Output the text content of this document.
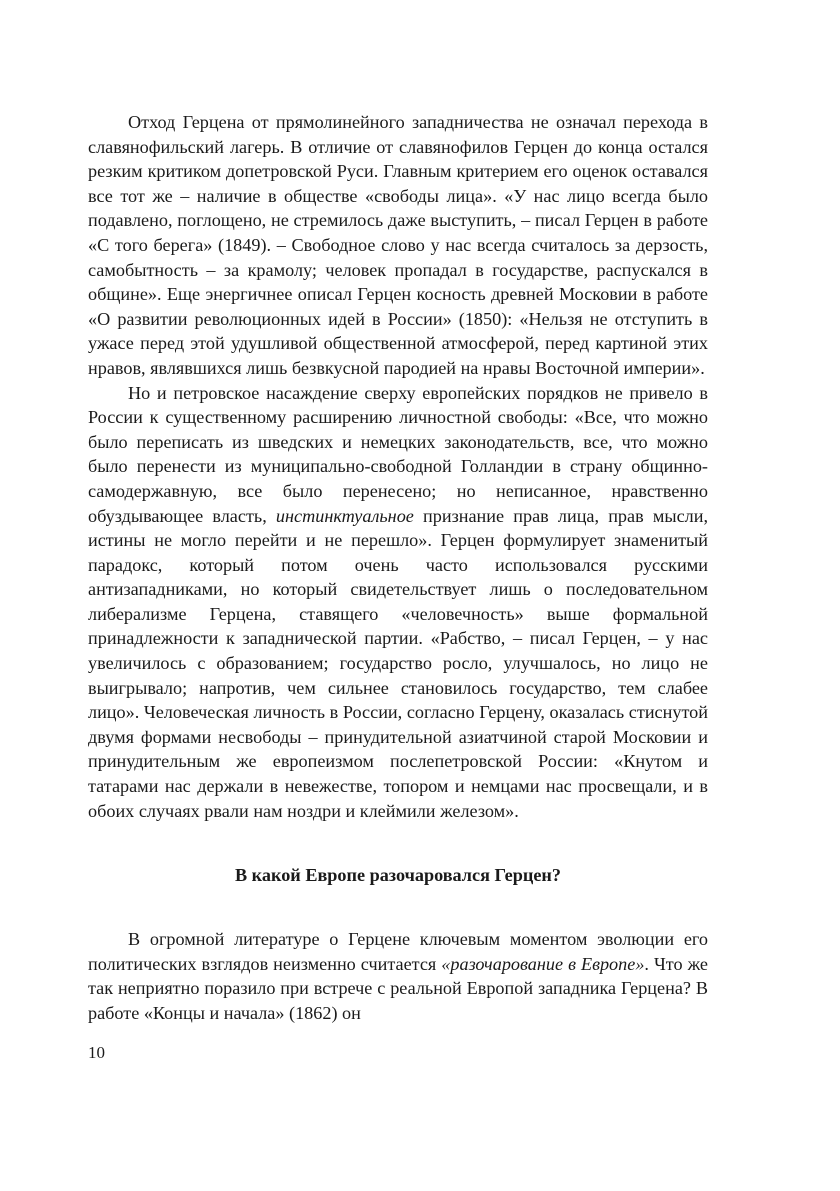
Отход Герцена от прямолинейного западничества не означал перехода в славянофильский лагерь. В отличие от славянофилов Герцен до конца остался резким критиком допетровской Руси. Главным критерием его оценок оставался все тот же – наличие в обществе «свободы лица». «У нас лицо всегда было подавлено, поглощено, не стремилось даже выступить, – писал Герцен в работе «С того берега» (1849). – Свободное слово у нас всегда считалось за дерзость, самобытность – за крамолу; человек пропадал в государстве, распускался в общине». Еще энергичнее описал Герцен косность древней Московии в работе «О развитии революционных идей в России» (1850): «Нельзя не отступить в ужасе перед этой удушливой общественной атмосферой, перед картиной этих нравов, являвшихся лишь безвкусной пародией на нравы Восточной империи».

Но и петровское насаждение сверху европейских порядков не привело в России к существенному расширению личностной свободы: «Все, что можно было переписать из шведских и немецких законодательств, все, что можно было перенести из муниципально-свободной Голландии в страну общинно-самодержавную, все было перенесено; но неписанное, нравственно обуздывающее власть, инстинктуальное признание прав лица, прав мысли, истины не могло перейти и не перешло». Герцен формулирует знаменитый парадокс, который потом очень часто использовался русскими антизападниками, но который свидетельствует лишь о последовательном либерализме Герцена, ставящего «человечность» выше формальной принадлежности к западнической партии. «Рабство, – писал Герцен, – у нас увеличилось с образованием; государство росло, улучшалось, но лицо не выигрывало; напротив, чем сильнее становилось государство, тем слабее лицо». Человеческая личность в России, согласно Герцену, оказалась стиснутой двумя формами несвободы – принудительной азиатчиной старой Московии и принудительным же европеизмом послепетровской России: «Кнутом и татарами нас держали в невежестве, топором и немцами нас просвещали, и в обоих случаях рвали нам ноздри и клеймили железом».

В какой Европе разочаровался Герцен?

В огромной литературе о Герцене ключевым моментом эволюции его политических взглядов неизменно считается «разочарование в Европе». Что же так неприятно поразило при встрече с реальной Европой западника Герцена? В работе «Концы и начала» (1862) он

10
